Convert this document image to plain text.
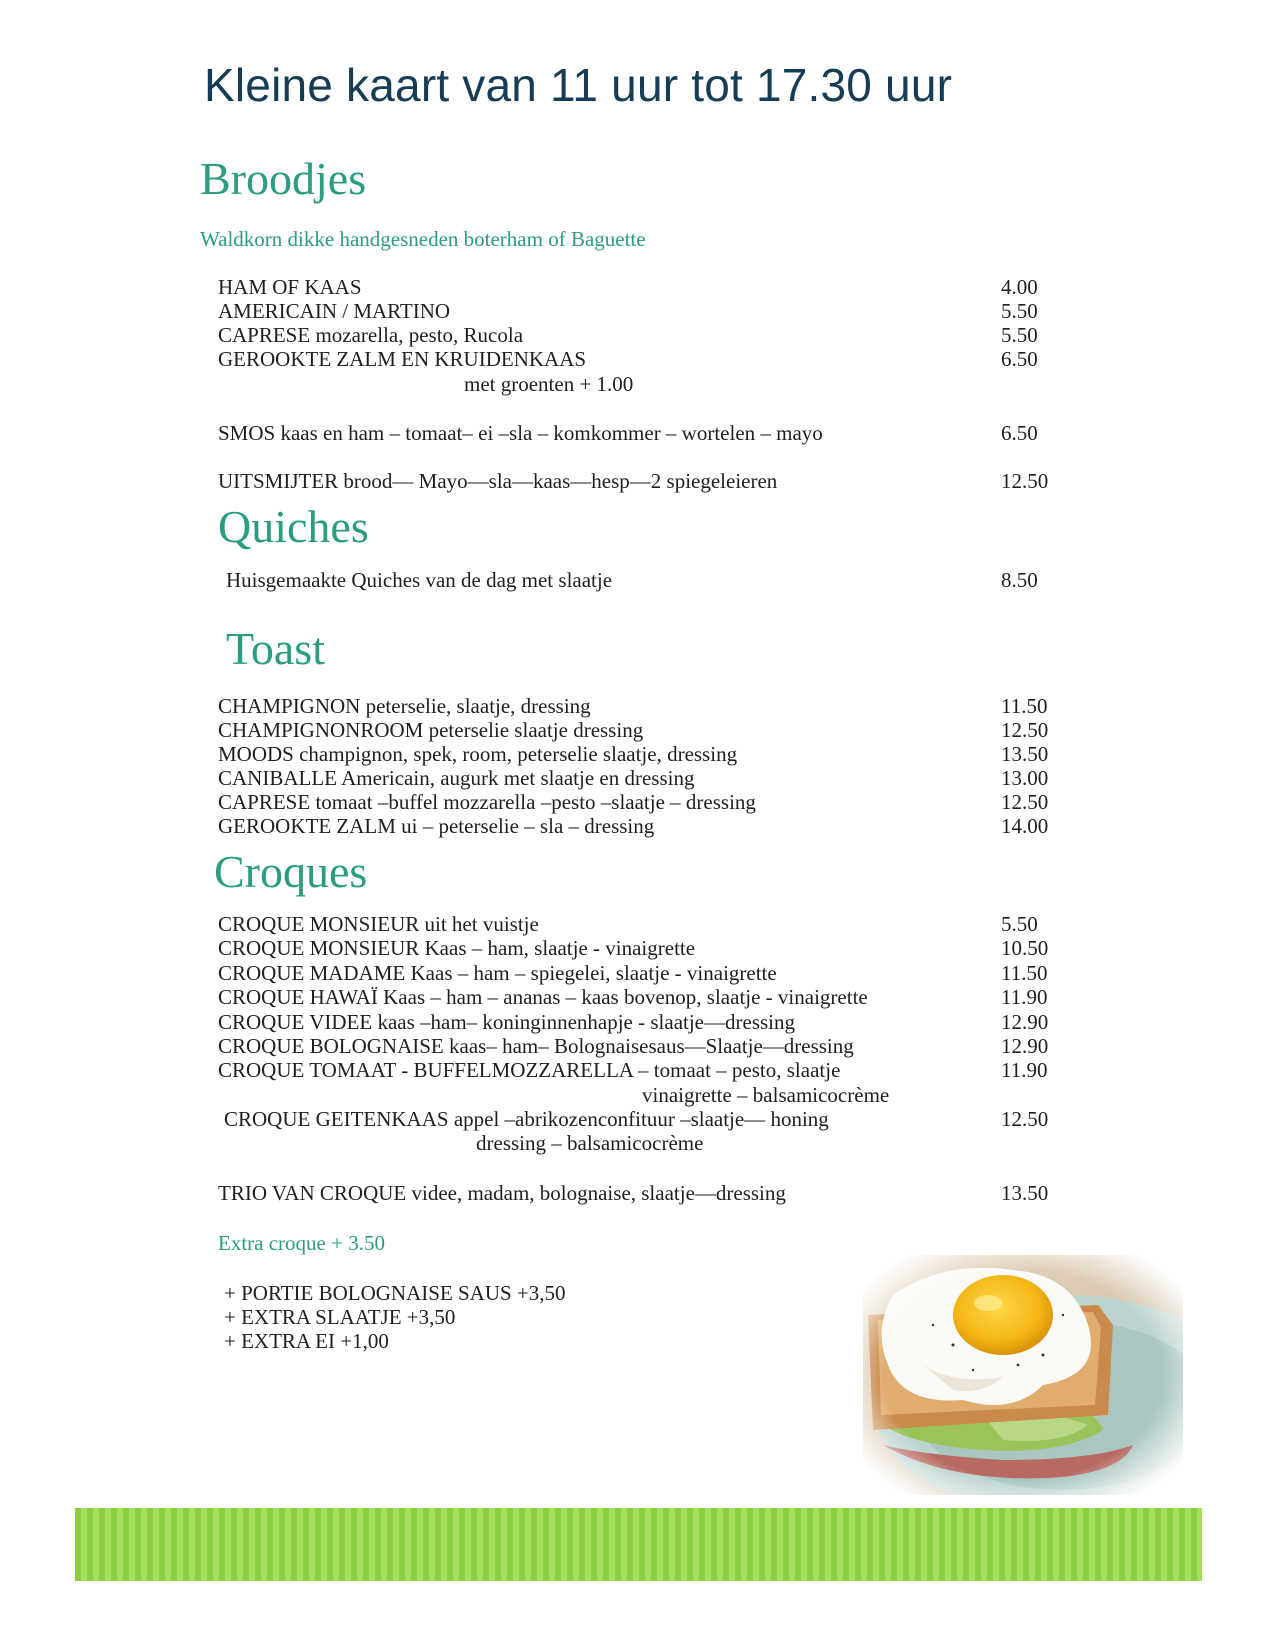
Kleine kaart van 11 uur tot 17.30 uur
Broodjes
Waldkorn dikke handgesneden boterham of Baguette
HAM OF KAAS	4.00
AMERICAIN / MARTINO	5.50
CAPRESE mozarella, pesto, Rucola	5.50
GEROOKTE ZALM EN KRUIDENKAAS	6.50
met groenten + 1.00
SMOS kaas en ham – tomaat– ei –sla – komkommer – wortelen – mayo	6.50
UITSMIJTER brood— Mayo—sla—kaas—hesp—2 spiegeleieren	12.50
Quiches
Huisgemaakte Quiches van de dag met slaatje	8.50
Toast
CHAMPIGNON peterselie, slaatje, dressing	11.50
CHAMPIGNONROOM peterselie slaatje dressing	12.50
MOODS champignon, spek, room, peterselie slaatje, dressing	13.50
CANIBALLE Americain, augurk met slaatje en dressing	13.00
CAPRESE tomaat –buffel mozzarella –pesto –slaatje – dressing	12.50
GEROOKTE ZALM ui – peterselie – sla – dressing	14.00
Croques
CROQUE MONSIEUR uit het vuistje	5.50
CROQUE MONSIEUR Kaas – ham, slaatje - vinaigrette	10.50
CROQUE MADAME Kaas – ham – spiegelei, slaatje - vinaigrette	11.50
CROQUE HAWAÏ Kaas – ham – ananas – kaas bovenop, slaatje - vinaigrette	11.90
CROQUE VIDEE kaas –ham– koninginnenhapje - slaatje—dressing	12.90
CROQUE BOLOGNAISE kaas– ham– Bolognaisesaus—Slaatje—dressing	12.90
CROQUE TOMAAT - BUFFELMOZZARELLA – tomaat – pesto, slaatje	11.90
vinaigrette – balsamicocrème
CROQUE GEITENKAAS appel –abrikozenconfituur –slaatje— honing	12.50
dressing – balsamicocrème
TRIO VAN CROQUE videe, madam, bolognaise, slaatje—dressing	13.50
Extra croque + 3.50
+ PORTIE BOLOGNAISE SAUS +3,50
+ EXTRA SLAATJE +3,50
+ EXTRA EI +1,00
